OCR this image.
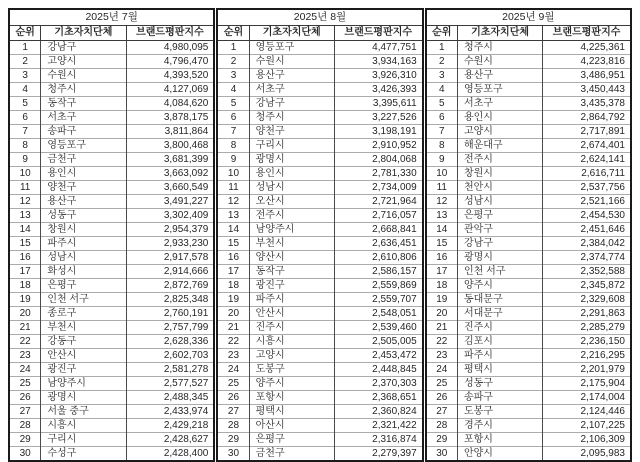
2025년 7월		
순위	기초자치단체	브랜드평판지수
1	강남구	4,980,095
2	고양시	4,796,470
3	수원시	4,393,520
4	청주시	4,127,069
5	동작구	4,084,620
6	서초구	3,878,175
7	송파구	3,811,864
8	영등포구	3,800,468
9	금천구	3,681,399
10	용인시	3,663,092
11	양천구	3,660,549
12	용산구	3,491,227
13	성동구	3,302,409
14	창원시	2,954,379
15	파주시	2,933,230
16	성남시	2,917,578
17	화성시	2,914,666
18	은평구	2,872,769
19	인천 서구	2,825,348
20	종로구	2,760,191
21	부천시	2,757,799
22	강동구	2,628,336
23	안산시	2,602,703
24	광진구	2,581,278
25	남양주시	2,577,527
26	광명시	2,488,345
27	서울 중구	2,433,974
28	시흥시	2,429,218
29	구리시	2,428,627
30	수성구	2,428,400
2025년 8월		
순위	기초자치단체	브랜드평판지수
1	영등포구	4,477,751
2	수원시	3,934,163
3	용산구	3,926,310
4	서초구	3,426,393
5	강남구	3,395,611
6	청주시	3,227,526
7	양천구	3,198,191
8	구리시	2,910,952
9	광명시	2,804,068
10	용인시	2,781,330
11	성남시	2,734,009
12	오산시	2,721,964
13	전주시	2,716,057
14	남양주시	2,668,841
15	부천시	2,636,451
16	양산시	2,610,806
17	동작구	2,586,157
18	광진구	2,559,869
19	파주시	2,559,707
20	안산시	2,548,051
21	진주시	2,539,460
22	시흥시	2,505,005
23	고양시	2,453,472
24	도봉구	2,448,845
25	양주시	2,370,303
26	포항시	2,368,651
27	평택시	2,360,824
28	아산시	2,321,422
29	은평구	2,316,874
30	금천구	2,279,397
2025년 9월		
순위	기초자치단체	브랜드평판지수
1	청주시	4,225,361
2	수원시	4,223,816
3	용산구	3,486,951
4	영등포구	3,450,443
5	서초구	3,435,378
6	용인시	2,864,792
7	고양시	2,717,891
8	해운대구	2,674,401
9	전주시	2,624,141
10	창원시	2,616,711
11	천안시	2,537,756
12	성남시	2,521,166
13	은평구	2,454,530
14	관악구	2,451,646
15	강남구	2,384,042
16	광명시	2,374,774
17	인천 서구	2,352,588
18	양주시	2,345,872
19	동대문구	2,329,608
20	서대문구	2,291,863
21	진주시	2,285,279
22	김포시	2,236,150
23	파주시	2,216,295
24	평택시	2,201,979
25	성동구	2,175,904
26	송파구	2,174,004
27	도봉구	2,124,446
28	경주시	2,107,225
29	포항시	2,106,309
30	안양시	2,095,983
